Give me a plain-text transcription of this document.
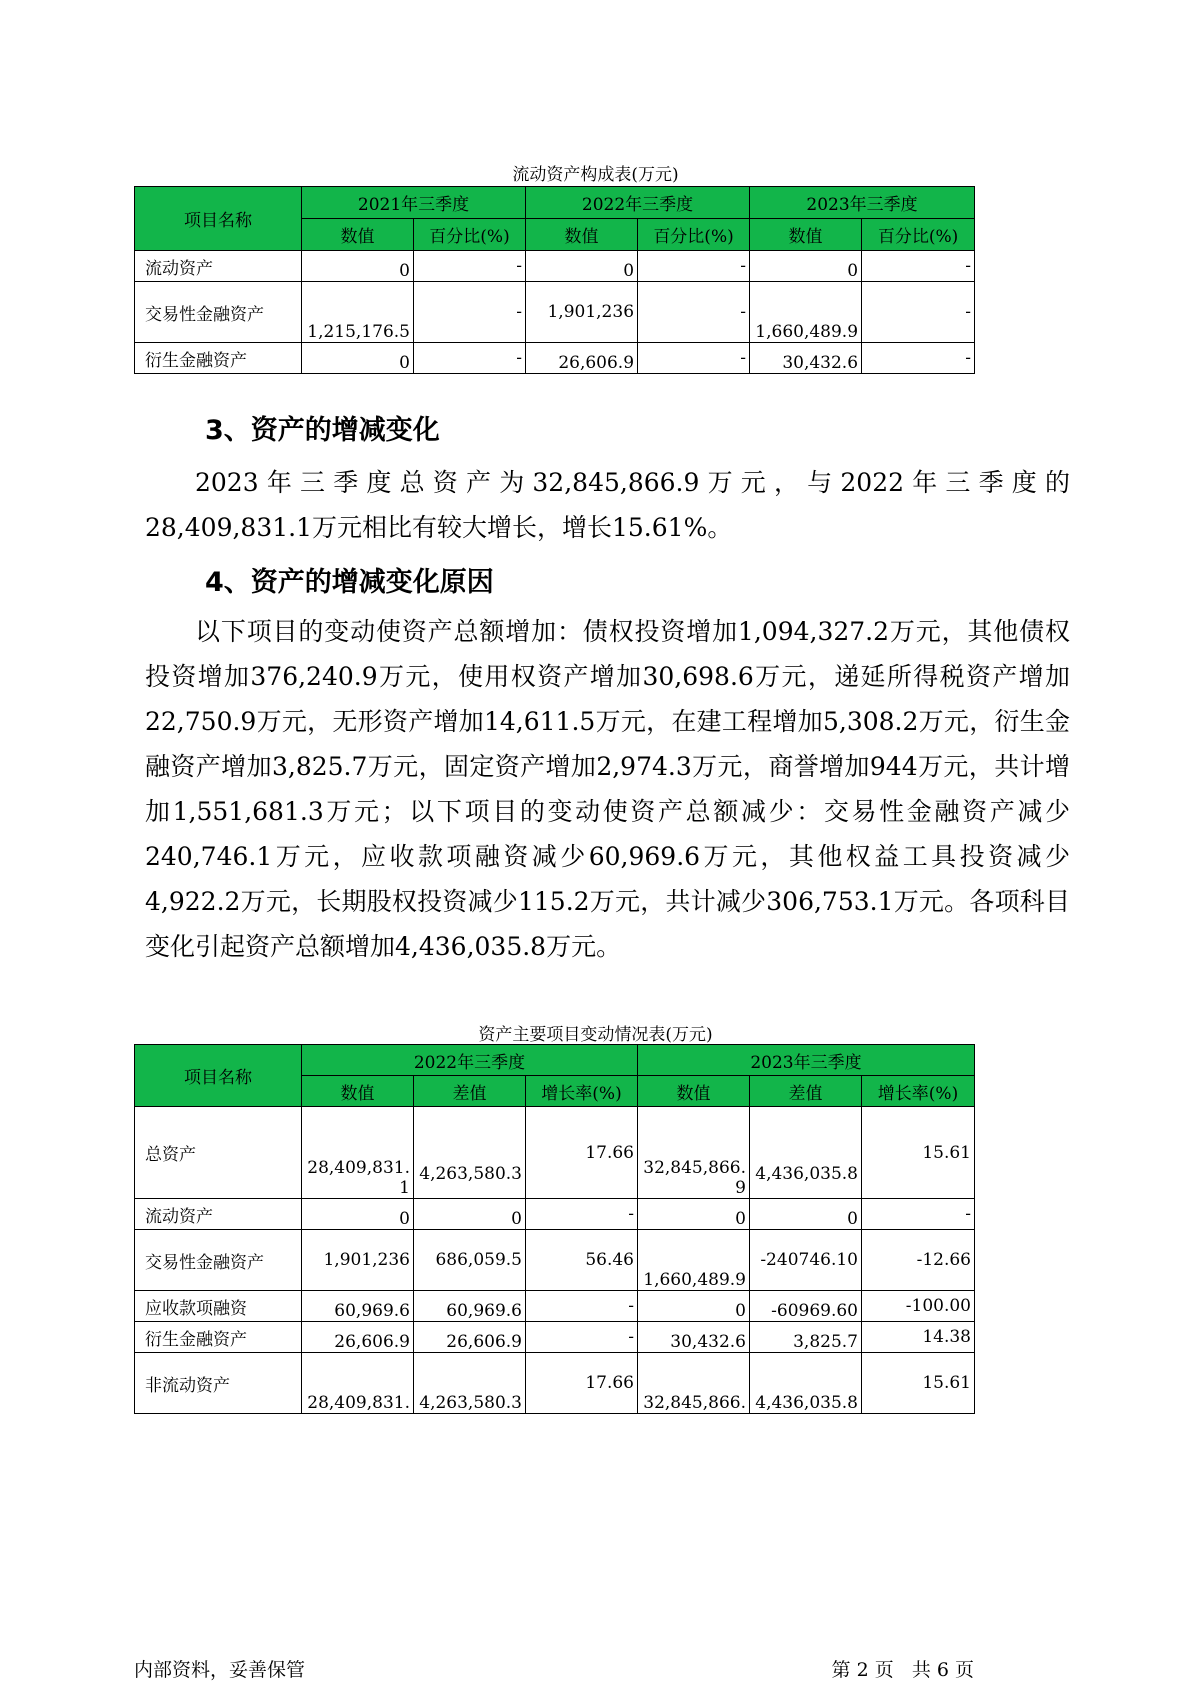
流动资产构成表(万元)
项目名称	2021年三季度		2022年三季度		2023年三季度	
	数值	百分比(%)	数值	百分比(%)	数值	百分比(%)
流动资产	0	-	0	-	0	-
交易性金融资产	1,215,176.5	-	1,901,236	-	1,660,489.9	-
衍生金融资产	0	-	26,606.9	-	30,432.6	-
3、资产的增减变化

2023年三季度总资产为32,845,866.9万元，与2022年三季度的28,409,831.1万元相比有较大增长，增长15.61%。

4、资产的增减变化原因

以下项目的变动使资产总额增加：债权投资增加1,094,327.2万元，其他债权投资增加376,240.9万元，使用权资产增加30,698.6万元，递延所得税资产增加22,750.9万元，无形资产增加14,611.5万元，在建工程增加5,308.2万元，衍生金融资产增加3,825.7万元，固定资产增加2,974.3万元，商誉增加944万元，共计增加1,551,681.3万元；以下项目的变动使资产总额减少：交易性金融资产减少240,746.1万元，应收款项融资减少60,969.6万元，其他权益工具投资减少4,922.2万元，长期股权投资减少115.2万元，共计减少306,753.1万元。各项科目变化引起资产总额增加4,436,035.8万元。

资产主要项目变动情况表(万元)
项目名称	2022年三季度			2023年三季度		
	数值	差值	增长率(%)	数值	差值	增长率(%)
总资产	28,409,831.1	4,263,580.3	17.66	32,845,866.9	4,436,035.8	15.61
流动资产	0	0	-	0	0	-
交易性金融资产	1,901,236	686,059.5	56.46	1,660,489.9	-240746.10	-12.66
应收款项融资	60,969.6	60,969.6	-	0	-60969.60	-100.00
衍生金融资产	26,606.9	26,606.9	-	30,432.6	3,825.7	14.38
非流动资产	28,409,831.	4,263,580.3	17.66	32,845,866.	4,436,035.8	15.61
内部资料，妥善保管	第 2 页   共 6 页
